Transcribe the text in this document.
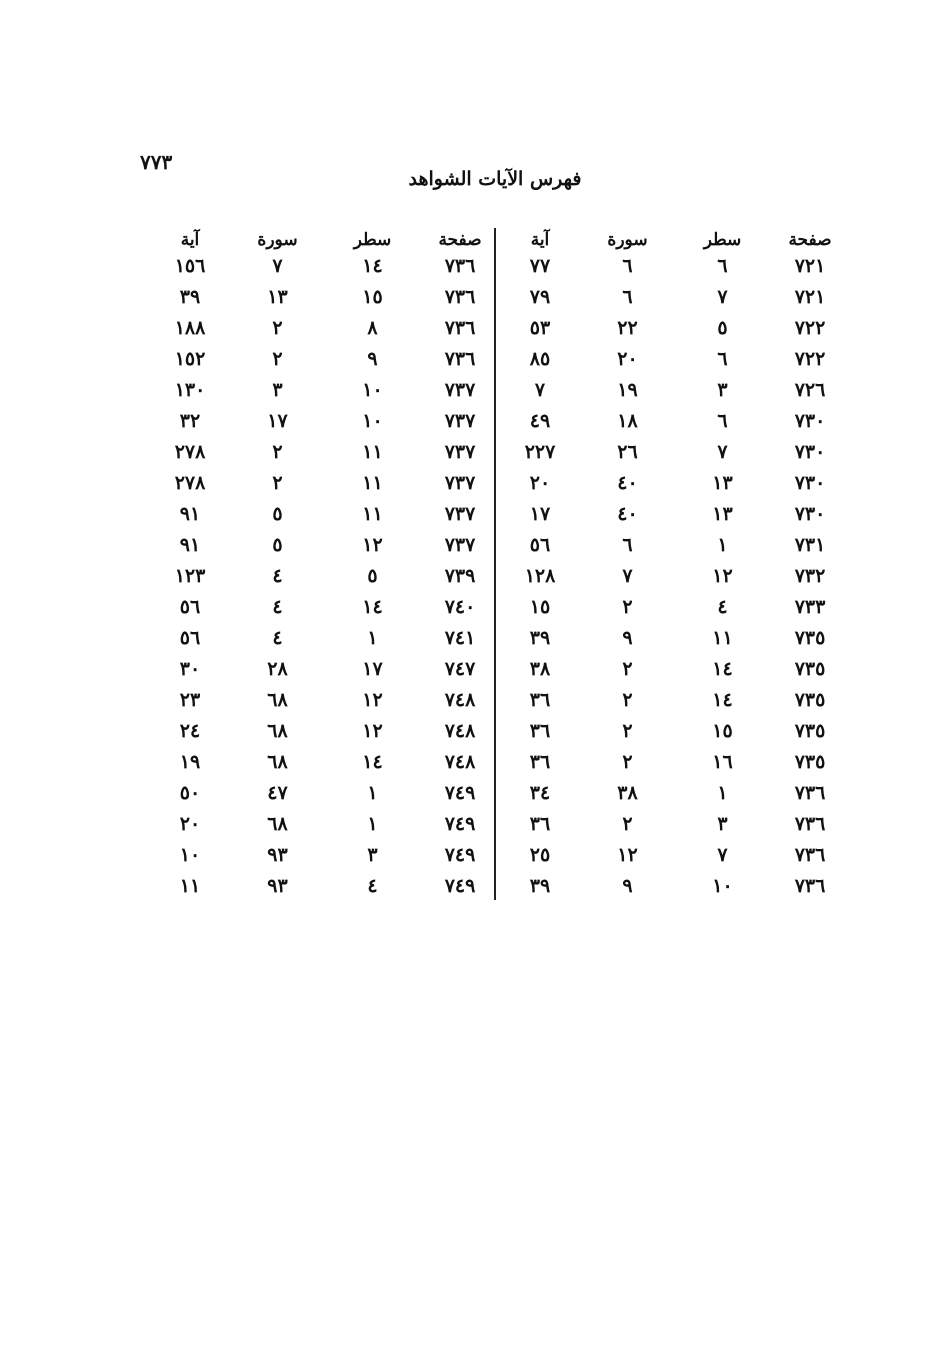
٧٧٣
فهرس الآيات الشواهد
صفحة
سطر
سورة
آية
٧٢١
٦
٦
٧٧
٧٢١
٧
٦
٧٩
٧٢٢
٥
٢٢
٥٣
٧٢٢
٦
٢٠
٨٥
٧٢٦
٣
١٩
٧
٧٣٠
٦
١٨
٤٩
٧٣٠
٧
٢٦
٢٢٧
٧٣٠
١٣
٤٠
٢٠
٧٣٠
١٣
٤٠
١٧
٧٣١
١
٦
٥٦
٧٣٢
١٢
٧
١٢٨
٧٣٣
٤
٢
١٥
٧٣٥
١١
٩
٣٩
٧٣٥
١٤
٢
٣٨
٧٣٥
١٤
٢
٣٦
٧٣٥
١٥
٢
٣٦
٧٣٥
١٦
٢
٣٦
٧٣٦
١
٣٨
٣٤
٧٣٦
٣
٢
٣٦
٧٣٦
٧
١٢
٢٥
٧٣٦
١٠
٩
٣٩
صفحة
سطر
سورة
آية
٧٣٦
١٤
٧
١٥٦
٧٣٦
١٥
١٣
٣٩
٧٣٦
٨
٢
١٨٨
٧٣٦
٩
٢
١٥٢
٧٣٧
١٠
٣
١٣٠
٧٣٧
١٠
١٧
٣٢
٧٣٧
١١
٢
٢٧٨
٧٣٧
١١
٢
٢٧٨
٧٣٧
١١
٥
٩١
٧٣٧
١٢
٥
٩١
٧٣٩
٥
٤
١٢٣
٧٤٠
١٤
٤
٥٦
٧٤١
١
٤
٥٦
٧٤٧
١٧
٢٨
٣٠
٧٤٨
١٢
٦٨
٢٣
٧٤٨
١٢
٦٨
٢٤
٧٤٨
١٤
٦٨
١٩
٧٤٩
١
٤٧
٥٠
٧٤٩
١
٦٨
٢٠
٧٤٩
٣
٩٣
١٠
٧٤٩
٤
٩٣
١١
